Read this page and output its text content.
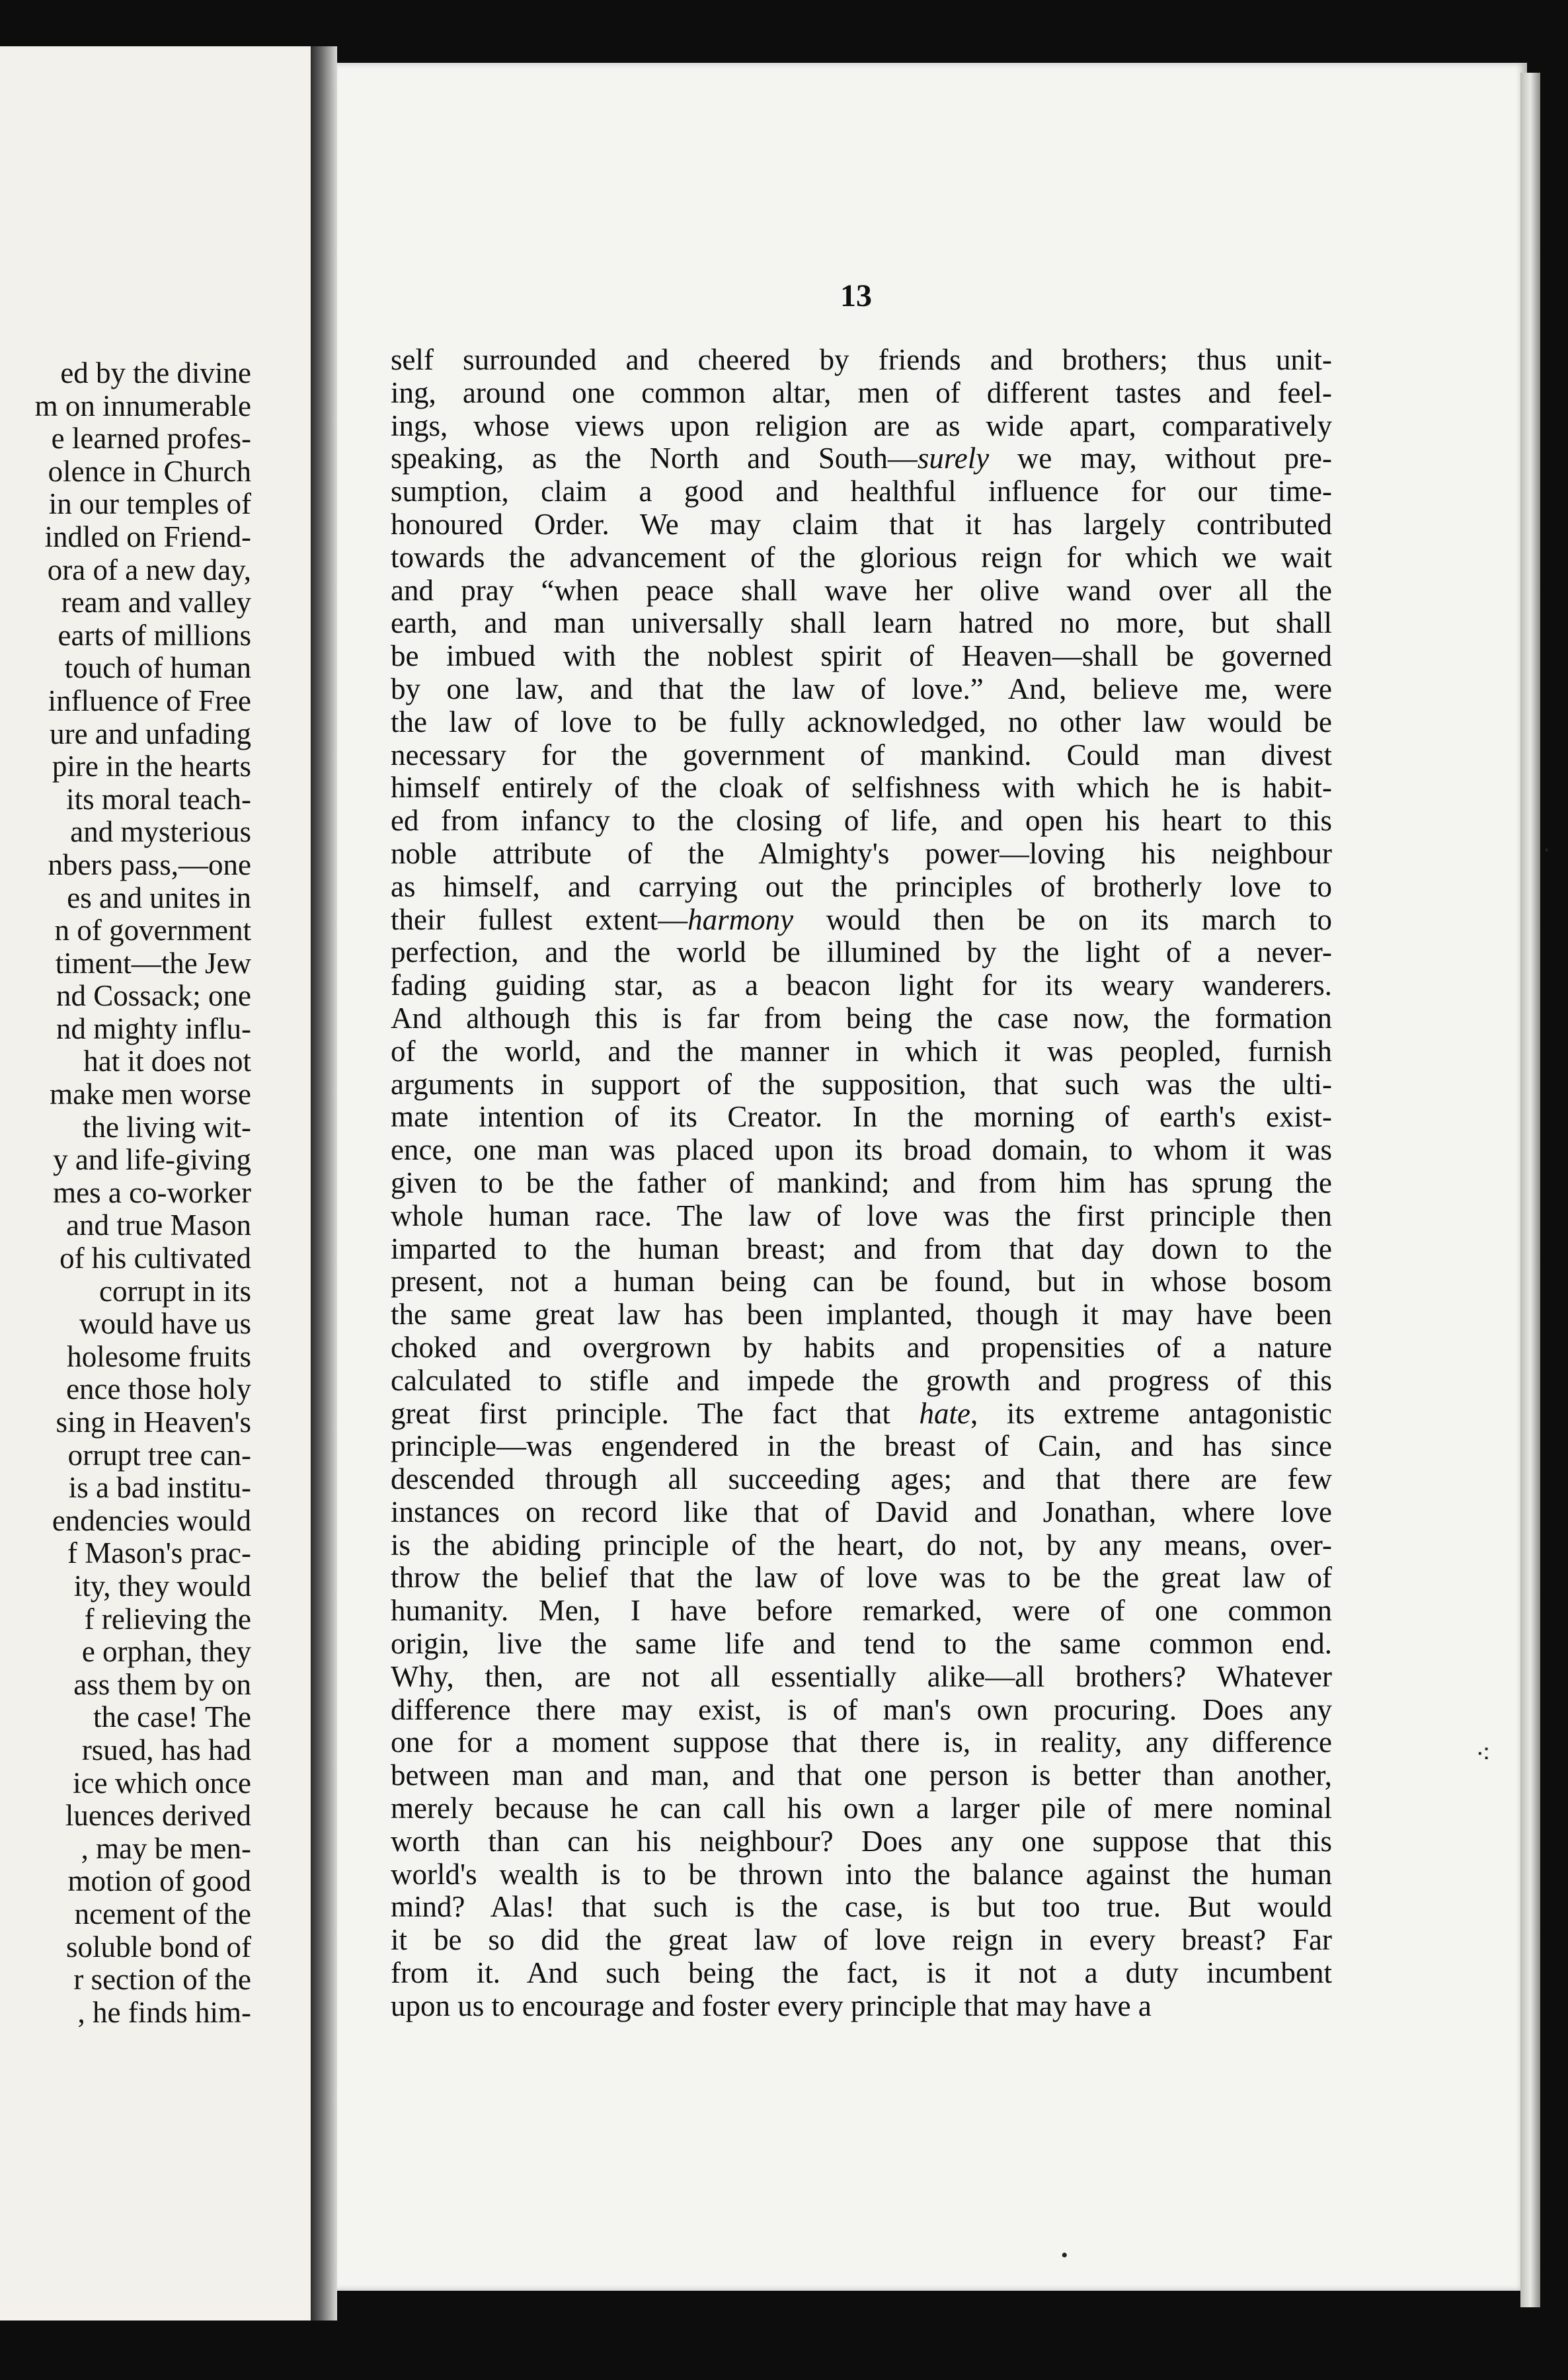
ed by the divine
m on innumerable
e learned profes-
olence in Church
in our temples of
indled on Friend-
ora of a new day,
ream and valley
earts of millions
touch of human
influence of Free
ure and unfading
pire in the hearts
its moral teach-
and mysterious
nbers pass,—one
es and unites in
n of government
timent—the Jew
nd Cossack; one
nd mighty influ-
hat it does not
make men worse
the living wit-
y and life-giving
mes a co-worker
and true Mason
of his cultivated
corrupt in its
would have us
holesome fruits
ence those holy
sing in Heaven's
orrupt tree can-
is a bad institu-
endencies would
f Mason's prac-
ity, they would
f relieving the
e orphan, they
ass them by on
the case! The
rsued, has had
ice which once
luences derived
, may be men-
motion of good
ncement of the
soluble bond of
r section of the
, he finds him-
13
self surrounded and cheered by friends and brothers; thus unit-
ing, around one common altar, men of different tastes and feel-
ings, whose views upon religion are as wide apart, comparatively
speaking, as the North and South—surely we may, without pre-
sumption, claim a good and healthful influence for our time-
honoured Order. We may claim that it has largely contributed
towards the advancement of the glorious reign for which we wait
and pray “when peace shall wave her olive wand over all the
earth, and man universally shall learn hatred no more, but shall
be imbued with the noblest spirit of Heaven—shall be governed
by one law, and that the law of love.” And, believe me, were
the law of love to be fully acknowledged, no other law would be
necessary for the government of mankind. Could man divest
himself entirely of the cloak of selfishness with which he is habit-
ed from infancy to the closing of life, and open his heart to this
noble attribute of the Almighty's power—loving his neighbour
as himself, and carrying out the principles of brotherly love to
their fullest extent—harmony would then be on its march to
perfection, and the world be illumined by the light of a never-
fading guiding star, as a beacon light for its weary wanderers.
And although this is far from being the case now, the formation
of the world, and the manner in which it was peopled, furnish
arguments in support of the supposition, that such was the ulti-
mate intention of its Creator. In the morning of earth's exist-
ence, one man was placed upon its broad domain, to whom it was
given to be the father of mankind; and from him has sprung the
whole human race. The law of love was the first principle then
imparted to the human breast; and from that day down to the
present, not a human being can be found, but in whose bosom
the same great law has been implanted, though it may have been
choked and overgrown by habits and propensities of a nature
calculated to stifle and impede the growth and progress of this
great first principle. The fact that hate, its extreme antagonistic
principle—was engendered in the breast of Cain, and has since
descended through all succeeding ages; and that there are few
instances on record like that of David and Jonathan, where love
is the abiding principle of the heart, do not, by any means, over-
throw the belief that the law of love was to be the great law of
humanity. Men, I have before remarked, were of one common
origin, live the same life and tend to the same common end.
Why, then, are not all essentially alike—all brothers? Whatever
difference there may exist, is of man's own procuring. Does any
one for a moment suppose that there is, in reality, any difference
between man and man, and that one person is better than another,
merely because he can call his own a larger pile of mere nominal
worth than can his neighbour? Does any one suppose that this
world's wealth is to be thrown into the balance against the human
mind? Alas! that such is the case, is but too true. But would
it be so did the great law of love reign in every breast? Far
from it. And such being the fact, is it not a duty incumbent
upon us to encourage and foster every principle that may have a
·
⁖
•
